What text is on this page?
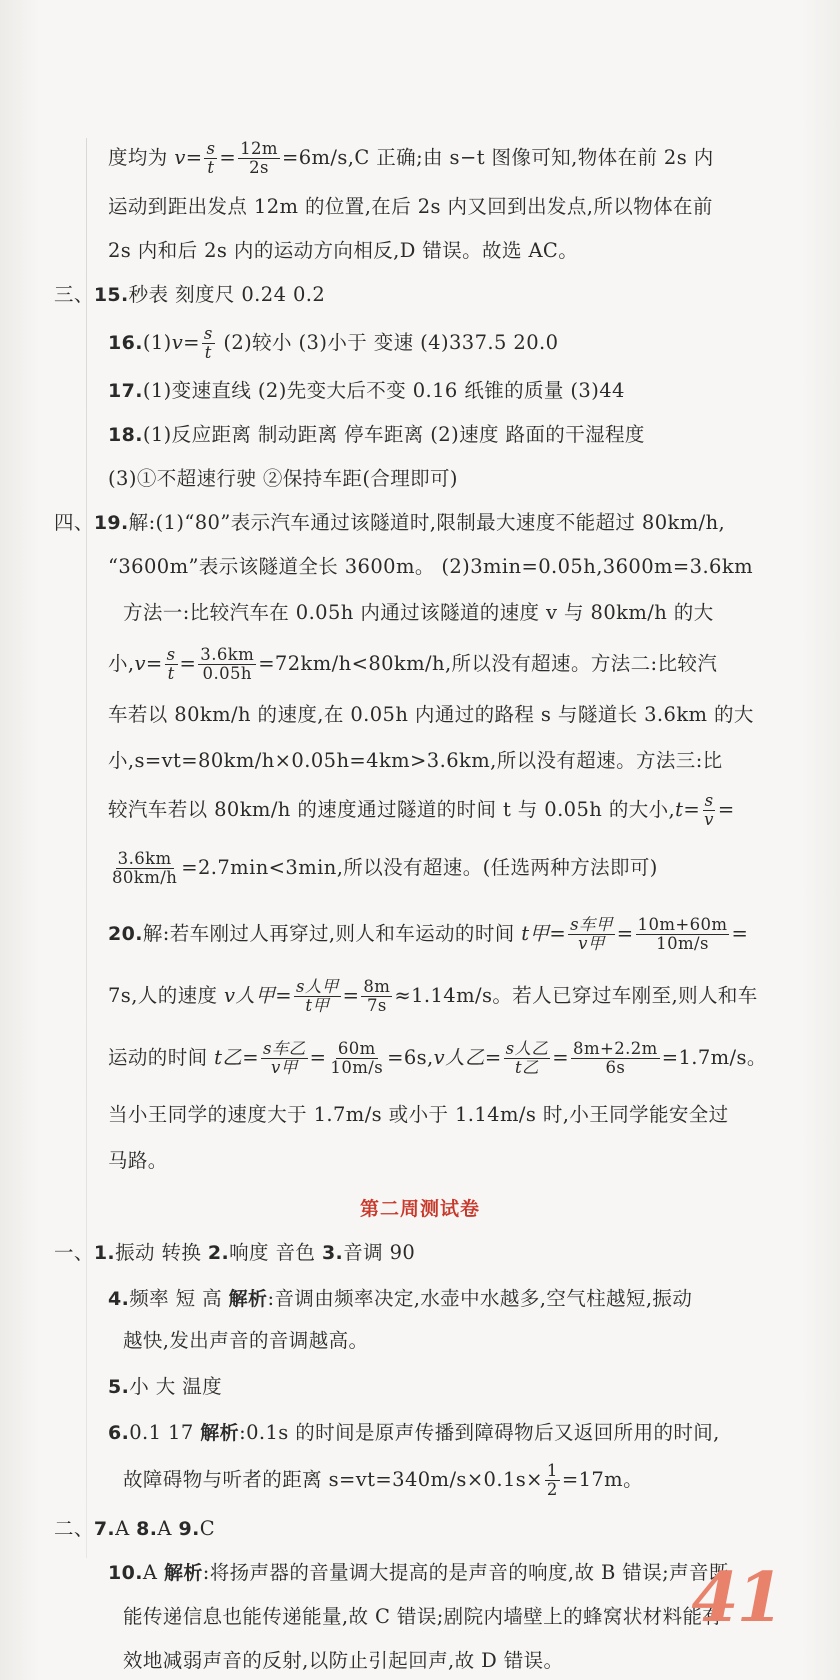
度均为 $v= \frac{s}{t} = \frac{12m}{2s} =6m/s,C$ 正确;由 s−t 图像可知,物体在前 2s 内
运动到距出发点 12m 的位置,在后 2s 内又回到出发点,所以物体在前
2s 内和后 2s 内的运动方向相反,D 错误。故选 AC。
三、15.秒表 刻度尺 0.24 0.2
$16.(1)v= \frac{s}{t} (2)$较小 (3)小于 变速 (4)337.5 20.0
17.(1)变速直线 (2)先变大后不变 0.16 纸锥的质量 (3)44
18.(1)反应距离 制动距离 停车距离 (2)速度 路面的干湿程度
(3)①不超速行驶 ②保持车距(合理即可)
四、19.解:(1)“80”表示汽车通过该隧道时,限制最大速度不能超过 80km/h,
“3600m”表示该隧道全长 3600m。 (2)3min=0.05h,3600m=3.6km
方法一:比较汽车在 0.05h 内通过该隧道的速度 v 与 80km/h 的大
小$,v= \frac{s}{t} = \frac{3.6km}{0.05h} =72km/h<80km/h$,所以没有超速。方法二:比较汽
车若以 80km/h 的速度,在 0.05h 内通过的路程 s 与隧道长 3.6km 的大
小,s=vt=80km/h×0.05h=4km>3.6km,所以没有超速。方法三:比
较汽车若以 80km/h 的速度通过隧道的时间 t 与 0.05h 的大小$,t= \frac{s}{v}$ =
$\frac{3.6km}{80km/h} =2.7\min<3\min$,所以没有超速。(任选两种方法即可)
20.解:若车刚过人再穿过,则人和车运动的时间 t甲= $\frac{\text{s车甲}}{\text{v甲}} = \frac{10m+60m}{10m/s}$ =
7s,人的速度 v人甲= $\frac{\text{s人甲}}{\text{t甲}} = \frac{8m}{7s} \approx 1.14m/s$。若人已穿过车刚至,则人和车
运动的时间 t乙= $\frac{\text{s车乙}}{\text{v甲}} = \frac{60m}{10m/s} =6s,v$人乙= $\frac{\text{s人乙}}{\text{t乙}} = \frac{8m+2.2m}{6s} =1.7m/s$。
当小王同学的速度大于 1.7m/s 或小于 1.14m/s 时,小王同学能安全过
马路。
第二周测试卷
一、1.振动 转换 2.响度 音色 3.音调 90
4.频率 短 高 解析:音调由频率决定,水壶中水越多,空气柱越短,振动
越快,发出声音的音调越高。
5.小 大 温度
6.0.1 17 解析:0.1s 的时间是原声传播到障碍物后又返回所用的时间,
故障碍物与听者的距离 $s=vt=340m/s\times 0.1s\times \frac{1}{2} =17m$。
二、7.A 8.A 9.C
10.A 解析:将扬声器的音量调大提高的是声音的响度,故 B 错误;声音既
能传递信息也能传递能量,故 C 错误;剧院内墙壁上的蜂窝状材料能有
效地减弱声音的反射,以防止引起回声,故 D 错误。
41
